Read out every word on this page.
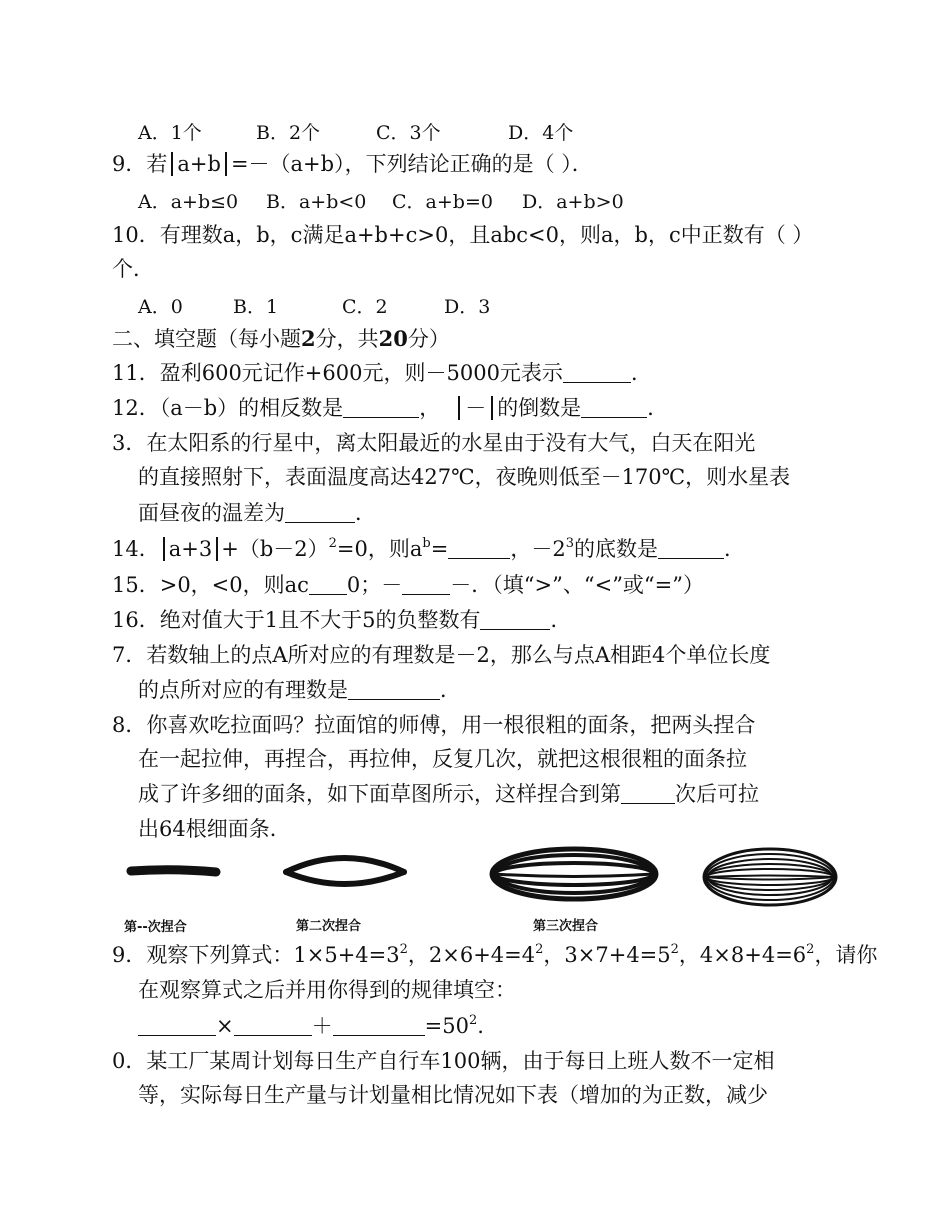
A．1个	B．2个	C．3个	D．4个
9．若 a+b =－（a+b），下列结论正确的是（ ）．
A．a+b≤0 B．a+b<0 C．a+b=0 D．a+b>0
10．有理数a，b，c满足a+b+c>0，且abc<0，则a，b，c中正数有（ ）
个．
A．0	B．1	C．2	D．3
二、填空题（每小题2分，共20分）
11．盈利600元记作+600元，则－5000元表示	．
12．（a－b）的相反数是	， － 的倒数是	．
3．在太阳系的行星中，离太阳最近的水星由于没有大气，白天在阳光
的直接照射下，表面温度高达427℃，夜晚则低至－170℃，则水星表
面昼夜的温差为	．
14． $a+3 +(b-2)^2=0$，则$a^b=$	，$-2^3$的底数是	．
15．>0，<0，则ac 0；－ －．（填“>”、“<”或“=”）
16．绝对值大于1且不大于5的负整数有	．
7．若数轴上的点A所对应的有理数是－2，那么与点A相距4个单位长度
的点所对应的有理数是	．
8．你喜欢吃拉面吗？拉面馆的师傅，用一根很粗的面条，把两头捏合
在一起拉伸，再捏合，再拉伸，反复几次，就把这根很粗的面条拉
成了许多细的面条，如下面草图所示，这样捏合到第	次后可拉
出64根细面条．
第--次捏合	第二次捏合	第三次捏合
9．观察下列算式：$1\times 5+4=3^2$，$2\times 6+4=4^2$，$3\times 7+4=5^2$，$4\times 8+4=6^2$，请你
在观察算式之后并用你得到的规律填空：
×	＋	$=50^2$.
0．某工厂某周计划每日生产自行车100辆，由于每日上班人数不一定相
等，实际每日生产量与计划量相比情况如下表（增加的为正数，减少
